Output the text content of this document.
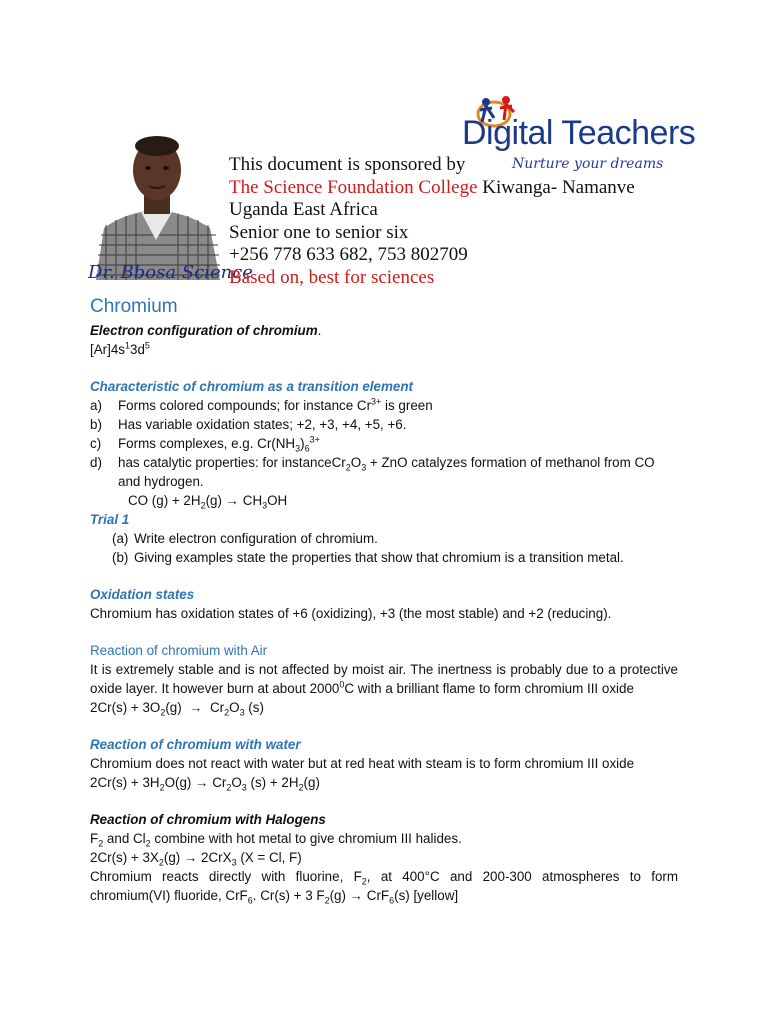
Dr. Bbosa Science
Digital Teachers
Nurture your dreams
This document is sponsored by
The Science Foundation College Kiwanga- Namanve
Uganda East Africa
Senior one to senior six
+256 778 633 682, 753 802709
Based on, best for sciences
Chromium

Electron configuration of chromium.

$[Ar]4s^13d^5$

Characteristic of chromium as a transition element

a) Forms colored compounds; for instance $Cr^{3+}$ is green
b) Has variable oxidation states; +2, +3, +4, +5, +6.
c) Forms complexes, e.g. $Cr(NH_3)_6^{3+}$
d) has catalytic properties: for $instanceCr_2O_3$ + ZnO catalyzes formation of methanol from CO and hydrogen.

CO $(g) + 2H_2(g) \to CH_3OH$

Trial 1

(a) Write electron configuration of chromium.
(b) Giving examples state the properties that show that chromium is a transition metal.

Oxidation states

Chromium has oxidation states of +6 (oxidizing), +3 (the most stable) and +2 (reducing).

Reaction of chromium with Air

It is extremely stable and is not affected by moist air. The inertness is probably due to a protective oxide layer. It however burn at about 2000$^0$C with a brilliant flame to form chromium III oxide

$2Cr(s) + 3O_2(g) \to Cr_2O_3$ (s)

Reaction of chromium with water

Chromium does not react with water but at red heat with steam is to form chromium III oxide

$2Cr(s) + 3H_2O(g) \to Cr_2O_3$ $(s) + 2H_2(g)$

Reaction of chromium with Halogens

$F_2$ and $Cl_2$ combine with hot metal to give chromium III halides.

$2Cr(s) + 3X_2(g) \to 2CrX_3$ (X = Cl, F)

Chromium reacts directly with fluorine, $F_2$, at 400°C and 200-300 atmospheres to form chromium(VI) fluoride, CrF$_6$. Cr(s) + 3 $F_2(g) \to CrF_6(s)$ [yellow]
